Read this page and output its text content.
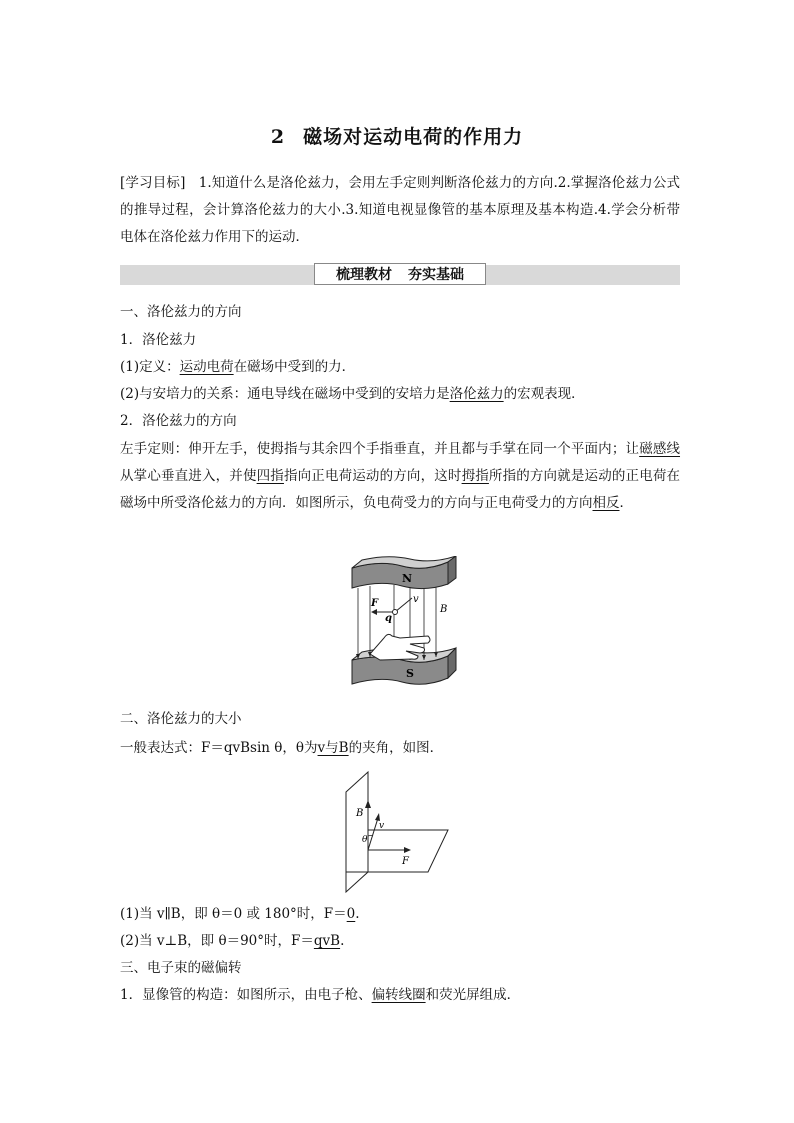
2 磁场对运动电荷的作用力
[学习目标] 1.知道什么是洛伦兹力，会用左手定则判断洛伦兹力的方向.2.掌握洛伦兹力公式的推导过程，会计算洛伦兹力的大小.3.知道电视显像管的基本原理及基本构造.4.学会分析带电体在洛伦兹力作用下的运动．
梳理教材 夯实基础
一、洛伦兹力的方向
1．洛伦兹力
(1)定义：运动电荷在磁场中受到的力．
(2)与安培力的关系：通电导线在磁场中受到的安培力是洛伦兹力的宏观表现．
2．洛伦兹力的方向
左手定则：伸开左手，使拇指与其余四个手指垂直，并且都与手掌在同一个平面内；让磁感线从掌心垂直进入，并使四指指向正电荷运动的方向，这时拇指所指的方向就是运动的正电荷在磁场中所受洛伦兹力的方向．如图所示，负电荷受力的方向与正电荷受力的方向相反．
N
S
F	v
q
B
二、洛伦兹力的大小
一般表达式：F＝qvBsin θ，θ为v与B的夹角，如图．
B
v
θ
F
(1)当 v∥B，即 θ＝0 或 180°时，F＝0.
(2)当 v⊥B，即 θ＝90°时，F＝qvB.
三、电子束的磁偏转
1．显像管的构造：如图所示，由电子枪、偏转线圈和荧光屏组成．
